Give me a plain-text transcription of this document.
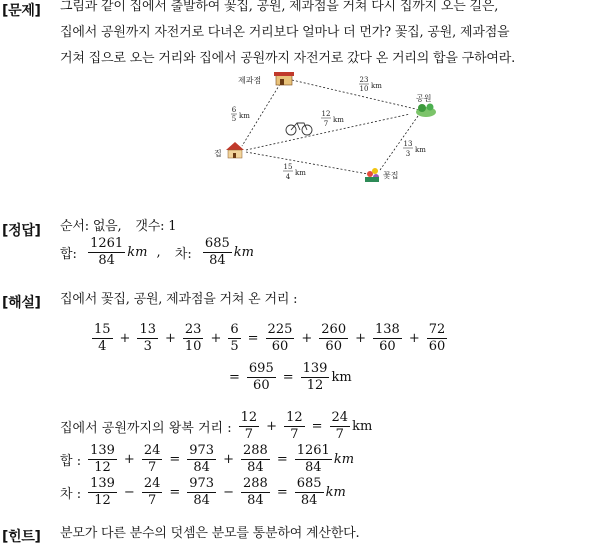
[문제] 그림과 같이 집에서 출발하여 꽃집, 공원, 제과점을 거쳐 다시 집까지 오는 길은,
집에서 공원까지 자전거로 다녀온 거리보다 얼마나 더 먼가? 꽃집, 공원, 제과점을
거쳐 집으로 오는 거리와 집에서 공원까지 자전거로 갔다 온 거리의 합을 구하여라.
제과점
공원
집
꽃집
23
10 km
6
5 km	12
7 km
13
3 km
15
4 km
[정답] 순서: 없음, 갯수: 1
합: $\frac{1261}{84}$ km , 차: $\frac{685}{84}$ km
[해설] 집에서 꽃집, 공원, 제과점을 거쳐 온 거리 :
$\frac{15}{4} + \frac{13}{3} + \frac{23}{10} + \frac{6}{5} = \frac{225}{60} + \frac{260}{60} + \frac{138}{60} + \frac{72}{60}$
= $\frac{695}{60} = \frac{139}{12}$ km
집에서 공원까지의 왕복 거리 : $\frac{12}{7} + \frac{12}{7} = \frac{24}{7}$ km
합 : $\frac{139}{12} + \frac{24}{7} = \frac{973}{84} + \frac{288}{84} = \frac{1261}{84}$ km
차 : $\frac{139}{12} - \frac{24}{7} = \frac{973}{84} - \frac{288}{84} = \frac{685}{84}$ km
[힌트] 분모가 다른 분수의 덧셈은 분모를 통분하여 계산한다.
